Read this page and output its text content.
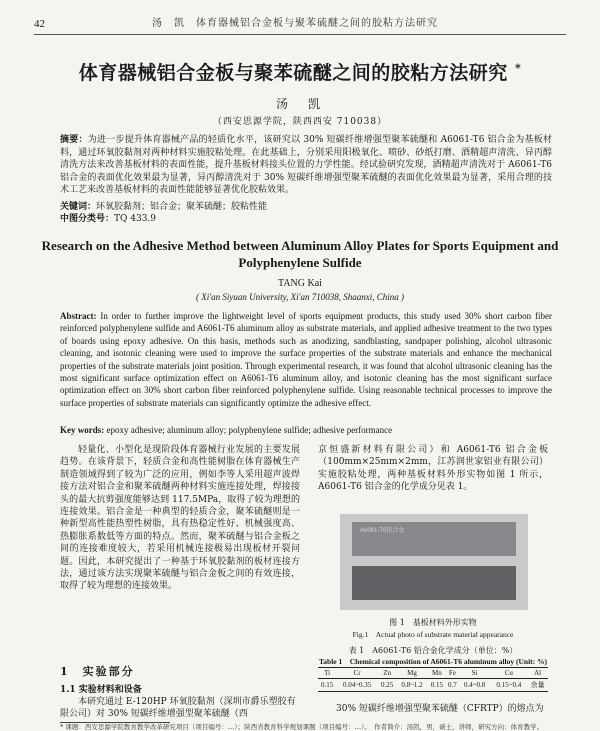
42	汤　凯　体育器械铝合金板与聚苯硫醚之间的胶粘方法研究
体育器械铝合金板与聚苯硫醚之间的胶粘方法研究 *
汤　凯
（西安思源学院，陕西西安 710038）
摘要：为进一步提升体育器械产品的轻质化水平，该研究以 30% 短碳纤维增强型聚苯硫醚和 A6061-T6 铝合金为基板材料，通过环氧胶黏剂对两种材料实施胶粘处理。在此基础上，分别采用阳极氧化、喷砂、砂纸打磨、酒精超声清洗、异丙醇清洗方法来改善基板材料的表面性能，提升基板材料接头位置的力学性能。经试验研究发现，酒精超声清洗对于 A6061-T6 铝合金的表面优化效果最为显著，异丙醇清洗对于 30% 短碳纤维增强型聚苯硫醚的表面优化效果最为显著，采用合理的技术工艺来改善基板材料的表面性能能够显著优化胶粘效果。
关键词：环氧胶黏剂；铝合金；聚苯硫醚；胶粘性能
中图分类号：TQ 433.9
Research on the Adhesive Method between Aluminum Alloy Plates for Sports Equipment and Polyphenylene Sulfide
TANG Kai
( Xi'an Siyuan University, Xi'an 710038, Shaanxi, China )
Abstract: In order to further improve the lightweight level of sports equipment products, this study used 30% short carbon fiber reinforced polyphenylene sulfide and A6061-T6 aluminum alloy as substrate materials, and applied adhesive treatment to the two types of boards using epoxy adhesive. On this basis, methods such as anodizing, sandblasting, sandpaper polishing, alcohol ultrasonic cleaning, and isotonic cleaning were used to improve the surface properties of the substrate materials and enhance the mechanical properties of the substrate materials joint position. Through experimental research, it was found that alcohol ultrasonic cleaning has the most significant surface optimization effect on A6061-T6 aluminum alloy, and isotonic cleaning has the most significant surface optimization effect on 30% short carbon fiber reinforced polyphenylene sulfide. Using reasonable technical processes to improve the surface properties of substrate materials can significantly optimize the adhesive effect.
Key words: epoxy adhesive; aluminum alloy; polyphenylene sulfide; adhesive performance
轻量化、小型化是现阶段体育器械行业发展的主要发展趋势。在该背景下，轻质合金和高性能树脂在体育器械生产制造领域得到了较为广泛的应用，例如李等人采用超声波焊接方法对铝合金和聚苯硫醚两种材料实施连接处理，焊接接头的最大抗剪强度能够达到 117.5MPa，取得了较为理想的连接效果。铝合金是一种典型的轻质合金，聚苯硫醚则是一种新型高性能热塑性树脂，具有热稳定性好、机械强度高、热膨胀系数低等方面的特点。然而，聚苯硫醚与铝合金板之间的连接难度较大，若采用机械连接极易出现板材开裂问题。因此，本研究提出了一种基于环氧胶黏剂的板材连接方法，通过该方法实现聚苯硫醚与铝合金板之间的有效连接，取得了较为理想的连接效果。
1　实验部分
1.1 实验材料和设备
本研究通过 E-120HP 环氧胶黏剂（深圳市爵乐塑胶有限公司）对 30% 短碳纤维增强型聚苯硫醚（西
京恒盛新材料有限公司）和 A6061-T6 铝合金板（100mm×25mm×2mm，江苏润世家铝业有限公司）实施胶粘处理，两种基板材料外形实物如图 1 所示，A6061-T6 铝合金的化学成分见表 1。
A6061-T6铝合金
图 1　基板材料外形实物
Fig.1　Actual photo of substrate material appearance
表 1　A6061-T6 铝合金化学成分（单位：%）
Table 1　Chemical composition of A6061-T6 aluminum alloy (Unit: %)
Ti	Cr	Zn	Mg	Mn	Fe	Si	Cu	Al
0.15	0.04~0.35	0.25	0.8~1.2	0.15	0.7	0.4~0.8	0.15~0.4	余量
30% 短碳纤维增强型聚苯硫醚（CFRTP）的熔点为
* 课题：西安思源学院教育教学改革研究项目（项目编号：…）；陕西省教育科学规划课题（项目编号：…）。　作者简介：汤凯，男，硕士，讲师，研究方向：体育教学。
